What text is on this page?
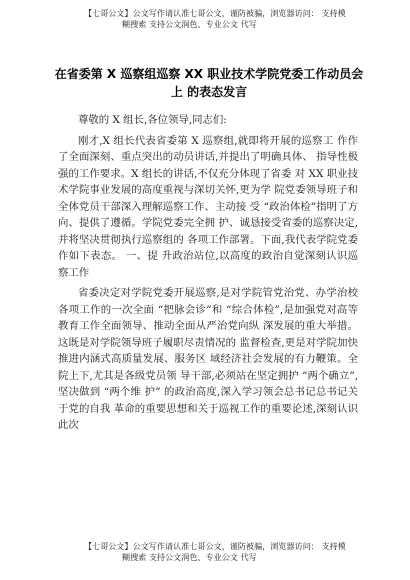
【七哥公文】公文写作请认准七哥公文，谨防被骗，浏览器访问： 支持模
糊搜索 支持公文润色、专业公文 代写
在省委第 X 巡察组巡察 XX 职业技术学院党委工作动员会
上 的表态发言

尊敬的 X 组长,各位领导,同志们:

刚才,X 组长代表省委第 X 巡察组,就即将开展的巡察工 作作了全面深刻、重点突出的动员讲话,并提出了明确具体、 指导性极强的工作要求。X 组长的讲话,不仅充分体现了省委 对 XX 职业技术学院事业发展的高度重视与深切关怀,更为学 院党委领导班子和全体党员干部深入理解巡察工作、主动接 受 “政治体检”指明了方向、提供了遵循。学院党委完全拥 护、诚恳接受省委的巡察决定,并将坚决贯彻执行巡察组的 各项工作部署。下面,我代表学院党委作如下表态。 一、提 升政治站位,以高度的政治自觉深刻认识巡察工作

省委决定对学院党委开展巡察,是对学院管党治党、办学治校各项工作的一次全面 “把脉会诊”和 “综合体检”,是加强党对高等教育工作全面领导、推动全面从严治党向纵 深发展的重大举措。这既是对学院领导班子履职尽责情况的 监督检查,更是对学院加快推进内涵式高质量发展、服务区 域经济社会发展的有力鞭策。全院上下,尤其是各级党员领 导干部,必须站在坚定拥护 “两个确立”,坚决做到 “两个维 护” 的政治高度,深入学习领会总书记总书记关于党的自我 革命的重要思想和关于巡视工作的重要论述,深刻认识此次

【七哥公文】公文写作请认准七哥公文，谨防被骗，浏览器访问： 支持模
糊搜索 支持公文润色、专业公文 代写
